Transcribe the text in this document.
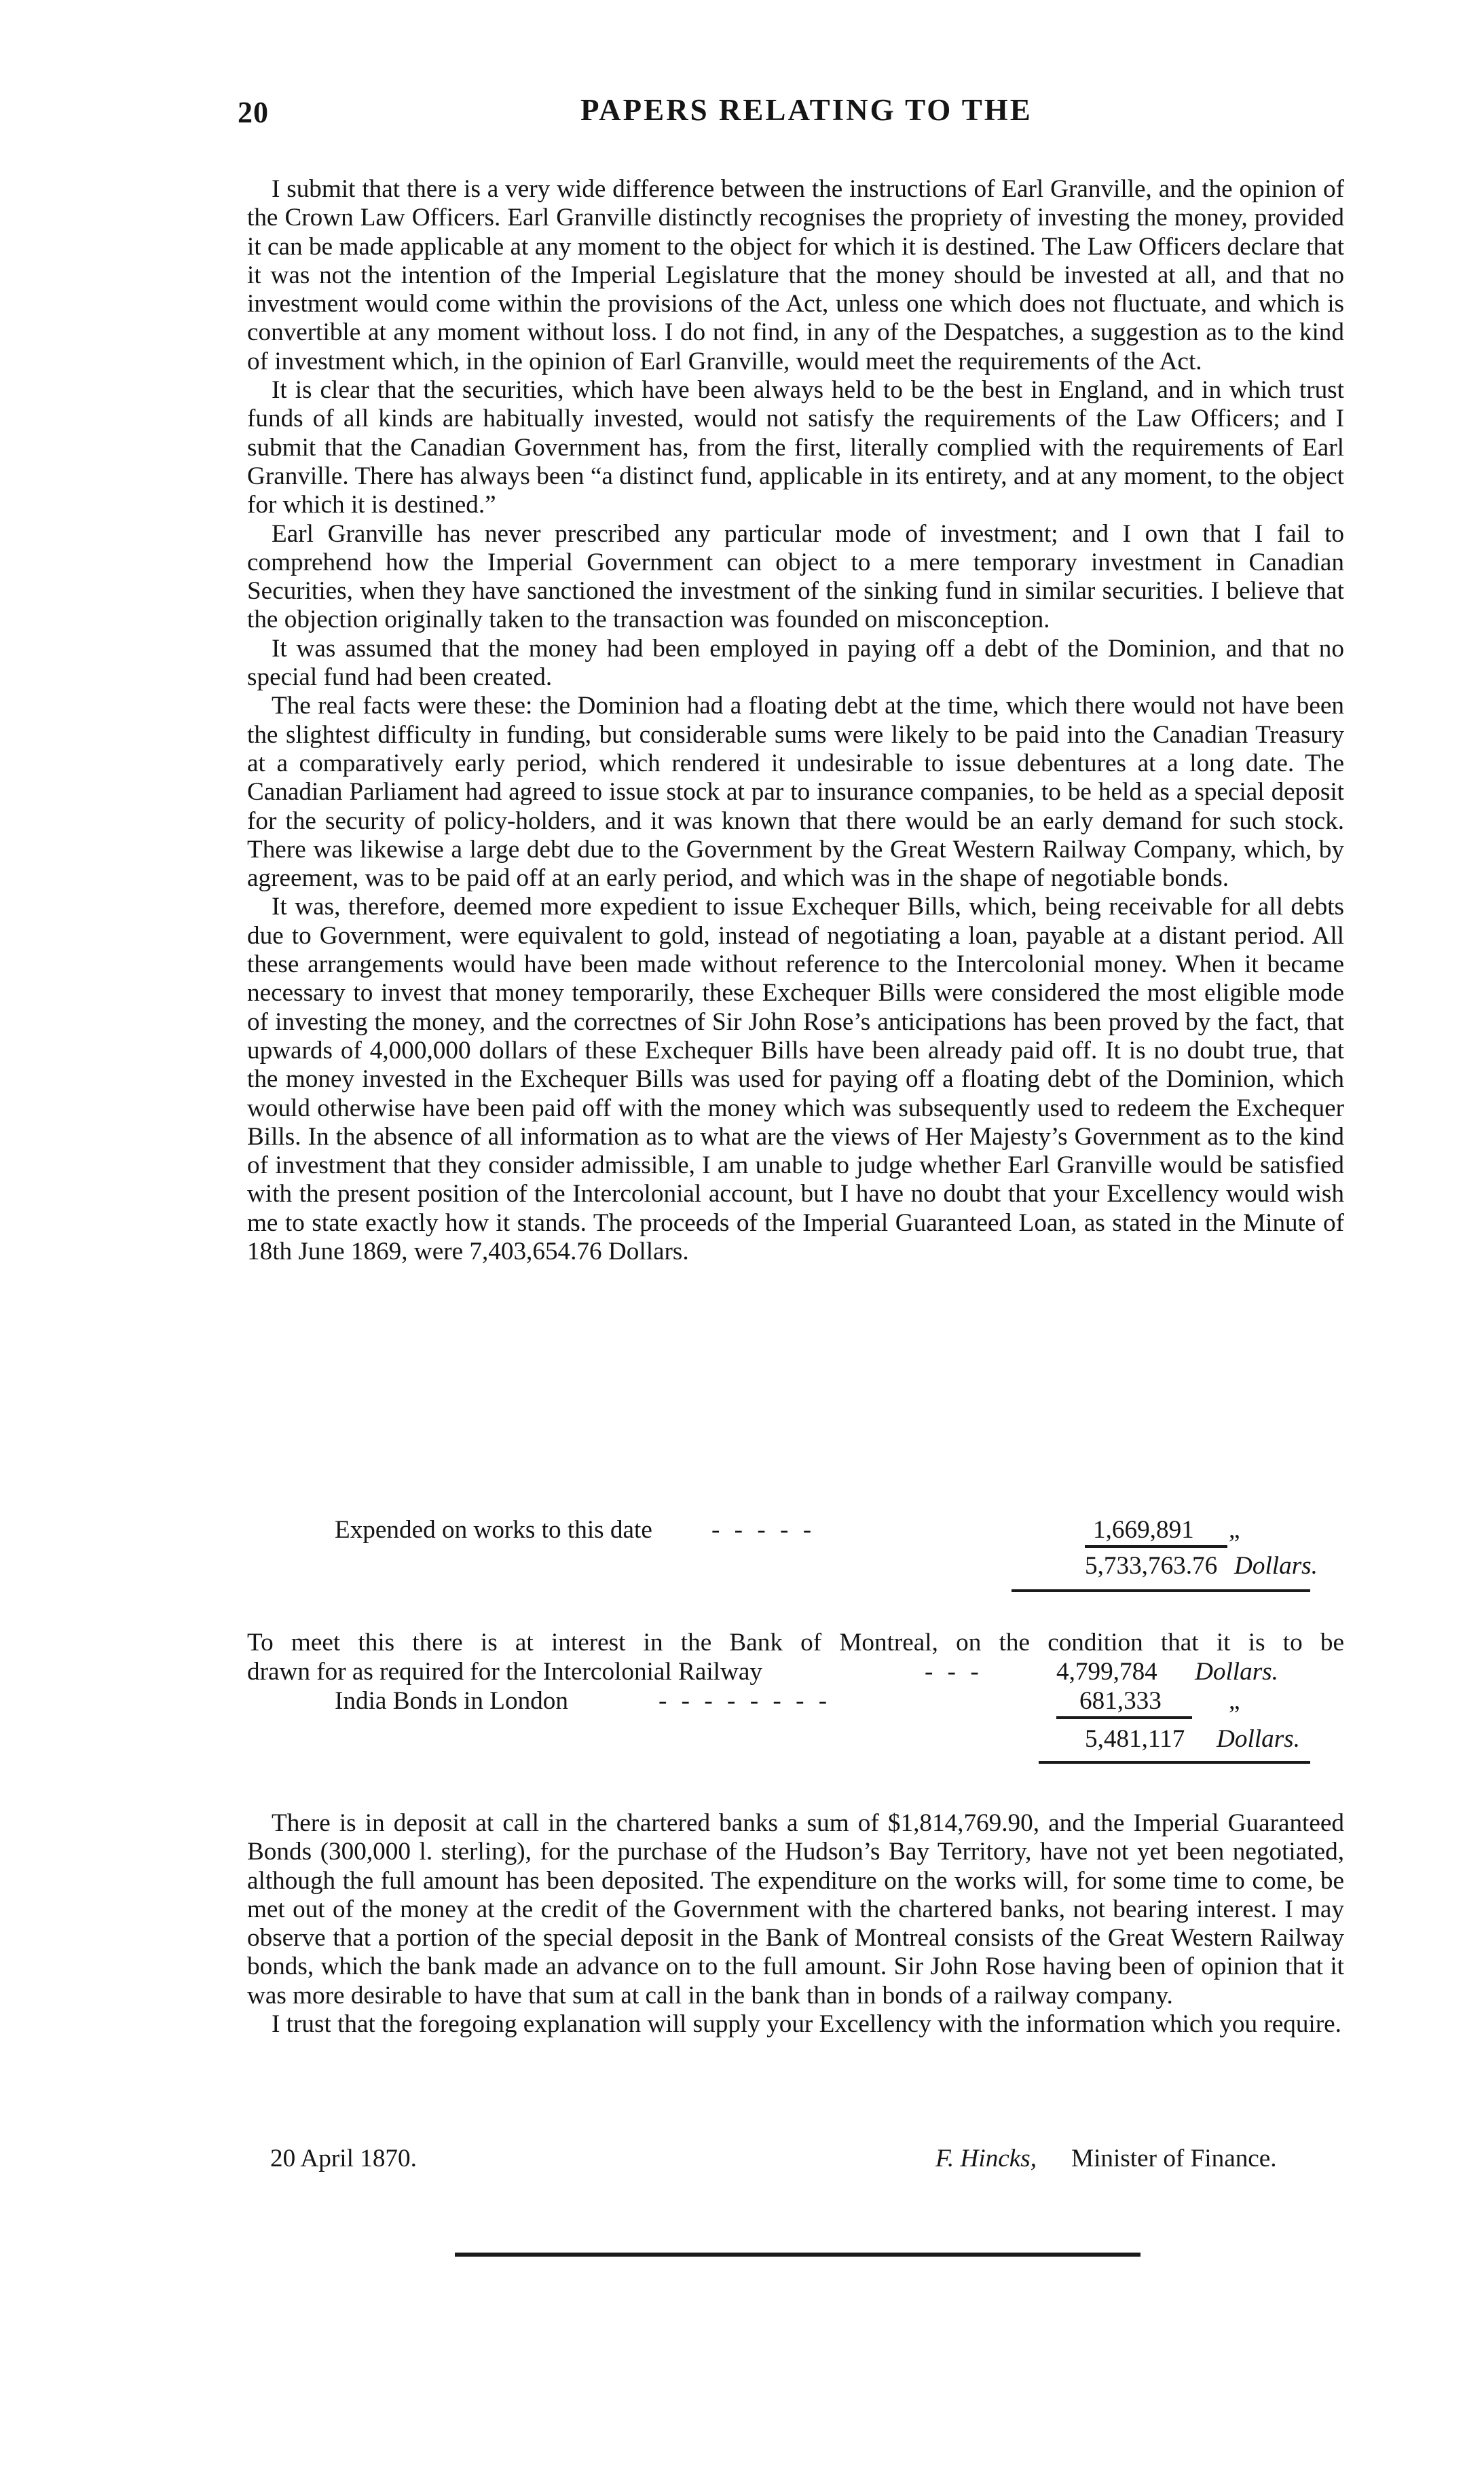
20	PAPERS RELATING TO THE

I submit that there is a very wide difference between the instructions of Earl Granville, and the opinion of the Crown Law Officers. Earl Granville distinctly recognises the propriety of investing the money, provided it can be made applicable at any moment to the object for which it is destined. The Law Officers declare that it was not the intention of the Imperial Legislature that the money should be invested at all, and that no investment would come within the provisions of the Act, unless one which does not fluctuate, and which is convertible at any moment without loss. I do not find, in any of the Despatches, a suggestion as to the kind of investment which, in the opinion of Earl Granville, would meet the requirements of the Act.

It is clear that the securities, which have been always held to be the best in England, and in which trust funds of all kinds are habitually invested, would not satisfy the requirements of the Law Officers; and I submit that the Canadian Government has, from the first, literally complied with the requirements of Earl Granville. There has always been “a distinct fund, applicable in its entirety, and at any moment, to the object for which it is destined.”

Earl Granville has never prescribed any particular mode of investment; and I own that I fail to comprehend how the Imperial Government can object to a mere temporary investment in Canadian Securities, when they have sanctioned the investment of the sinking fund in similar securities. I believe that the objection originally taken to the transaction was founded on misconception.

It was assumed that the money had been employed in paying off a debt of the Dominion, and that no special fund had been created.

The real facts were these: the Dominion had a floating debt at the time, which there would not have been the slightest difficulty in funding, but considerable sums were likely to be paid into the Canadian Treasury at a comparatively early period, which rendered it undesirable to issue debentures at a long date. The Canadian Parliament had agreed to issue stock at par to insurance companies, to be held as a special deposit for the security of policy-holders, and it was known that there would be an early demand for such stock. There was likewise a large debt due to the Government by the Great Western Railway Company, which, by agreement, was to be paid off at an early period, and which was in the shape of negotiable bonds.

It was, therefore, deemed more expedient to issue Exchequer Bills, which, being receivable for all debts due to Government, were equivalent to gold, instead of negotiating a loan, payable at a distant period. All these arrangements would have been made without reference to the Intercolonial money. When it became necessary to invest that money temporarily, these Exchequer Bills were considered the most eligible mode of investing the money, and the correctnes of Sir John Rose’s anticipations has been proved by the fact, that upwards of 4,000,000 dollars of these Exchequer Bills have been already paid off. It is no doubt true, that the money invested in the Exchequer Bills was used for paying off a floating debt of the Dominion, which would otherwise have been paid off with the money which was subsequently used to redeem the Exchequer Bills. In the absence of all information as to what are the views of Her Majesty’s Government as to the kind of investment that they consider admissible, I am unable to judge whether Earl Granville would be satisfied with the present position of the Intercolonial account, but I have no doubt that your Excellency would wish me to state exactly how it stands. The proceeds of the Imperial Guaranteed Loan, as stated in the Minute of 18th June 1869, were 7,403,654.76 Dollars.

Expended on works to this date - - - - -	1,669,891 „
5,733,763.76 Dollars.
To meet this there is at interest in the Bank of Montreal, on the condition that it is to be
drawn for as required for the Intercolonial Railway	- - -	4,799,784 Dollars.
India Bonds in London	- - - - - - - -	681,333	„
5,481,117 Dollars.

There is in deposit at call in the chartered banks a sum of $1,814,769.90, and the Imperial Guaranteed Bonds (300,000 l. sterling), for the purchase of the Hudson’s Bay Territory, have not yet been negotiated, although the full amount has been deposited. The expenditure on the works will, for some time to come, be met out of the money at the credit of the Government with the chartered banks, not bearing interest. I may observe that a portion of the special deposit in the Bank of Montreal consists of the Great Western Railway bonds, which the bank made an advance on to the full amount. Sir John Rose having been of opinion that it was more desirable to have that sum at call in the bank than in bonds of a railway company.

I trust that the foregoing explanation will supply your Excellency with the information which you require.

20 April 1870.	F. Hincks, Minister of Finance.
